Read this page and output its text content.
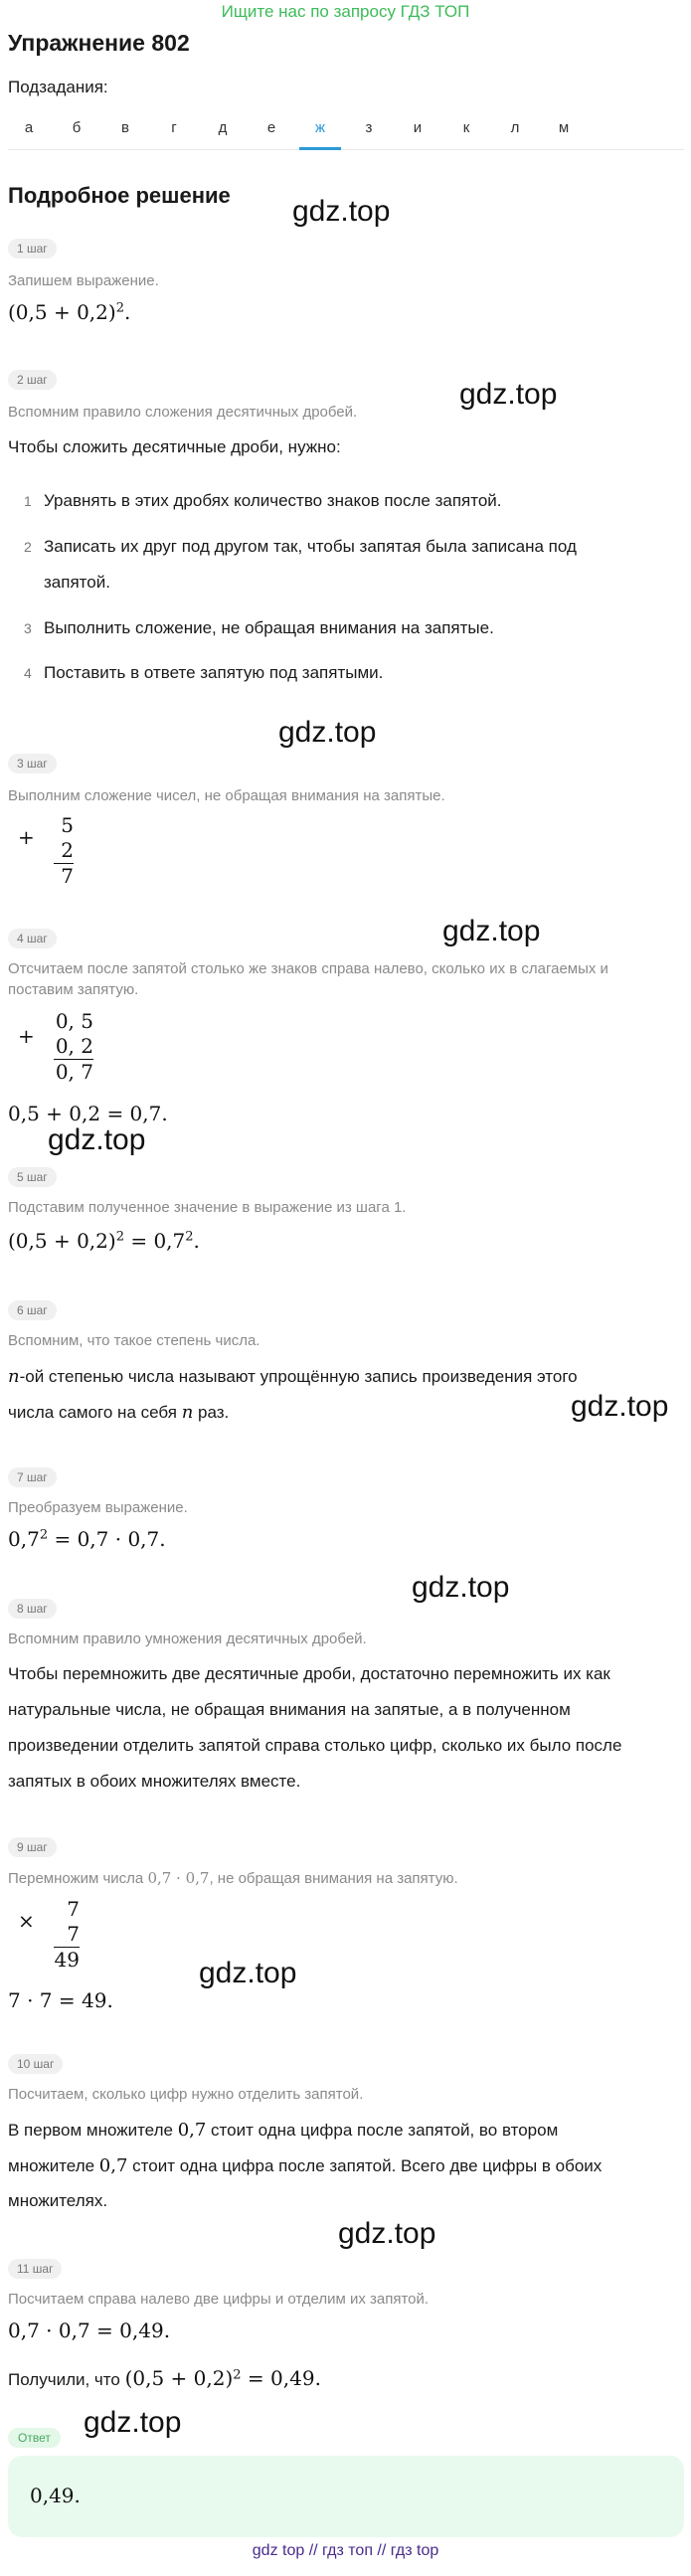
Ищите нас по запросу ГДЗ ТОП
Упражнение 802
Подзадания:
а	б	в	г	д	е	ж	з	и	к	л	м
Подробное решение gdz.top
gdz.top
gdz.top
gdz.top
gdz.top
gdz.top
gdz.top
gdz.top
gdz.top
gdz.top
1 шаг
Запишем выражение.
$(0,5 + 0,2)^2$.
2 шаг
Вспомним правило сложения десятичных дробей.
Чтобы сложить десятичные дроби, нужно:
1 Уравнять в этих дробях количество знаков после запятой.
2 Записать их друг под другом так, чтобы запятая была записана под
запятой.
3 Выполнить сложение, не обращая внимания на запятые.
4 Поставить в ответе запятую под запятыми.
3 шаг
Выполним сложение чисел, не обращая внимания на запятые.
+	5
2
7
4 шаг
Отсчитаем после запятой столько же знаков справа налево, сколько их в слагаемых и
поставим запятую.
+
0, 5
0, 2
0, 7
0,5 + 0,2 = 0,7.
5 шаг
Подставим полученное значение в выражение из шага 1.
$(0,5 + 0,2)^2 = 0,7^2$.
6 шаг
Вспомним, что такое степень числа.
n-ой степенью числа называют упрощённую запись произведения этого
числа самого на себя n раз.
7 шаг
Преобразуем выражение.
$0,7^2 = 0,7 \cdot 0,7$.
8 шаг
Вспомним правило умножения десятичных дробей.
Чтобы перемножить две десятичные дроби, достаточно перемножить их как
натуральные числа, не обращая внимания на запятые, а в полученном
произведении отделить запятой справа столько цифр, сколько их было после
запятых в обоих множителях вместе.
9 шаг
Перемножим числа 0,7 · 0,7, не обращая внимания на запятую.
×	7
7
49
7 · 7 = 49.
10 шаг
Посчитаем, сколько цифр нужно отделить запятой.
В первом множителе 0,7 стоит одна цифра после запятой, во втором
множителе 0,7 стоит одна цифра после запятой. Всего две цифры в обоих
множителях.
11 шаг
Посчитаем справа налево две цифры и отделим их запятой.
0,7 · 0,7 = 0,49.
Получили, что $(0,5 + 0,2)^2 = 0,49$.
Ответ
0,49.
gdz top // гдз топ // гдз top
